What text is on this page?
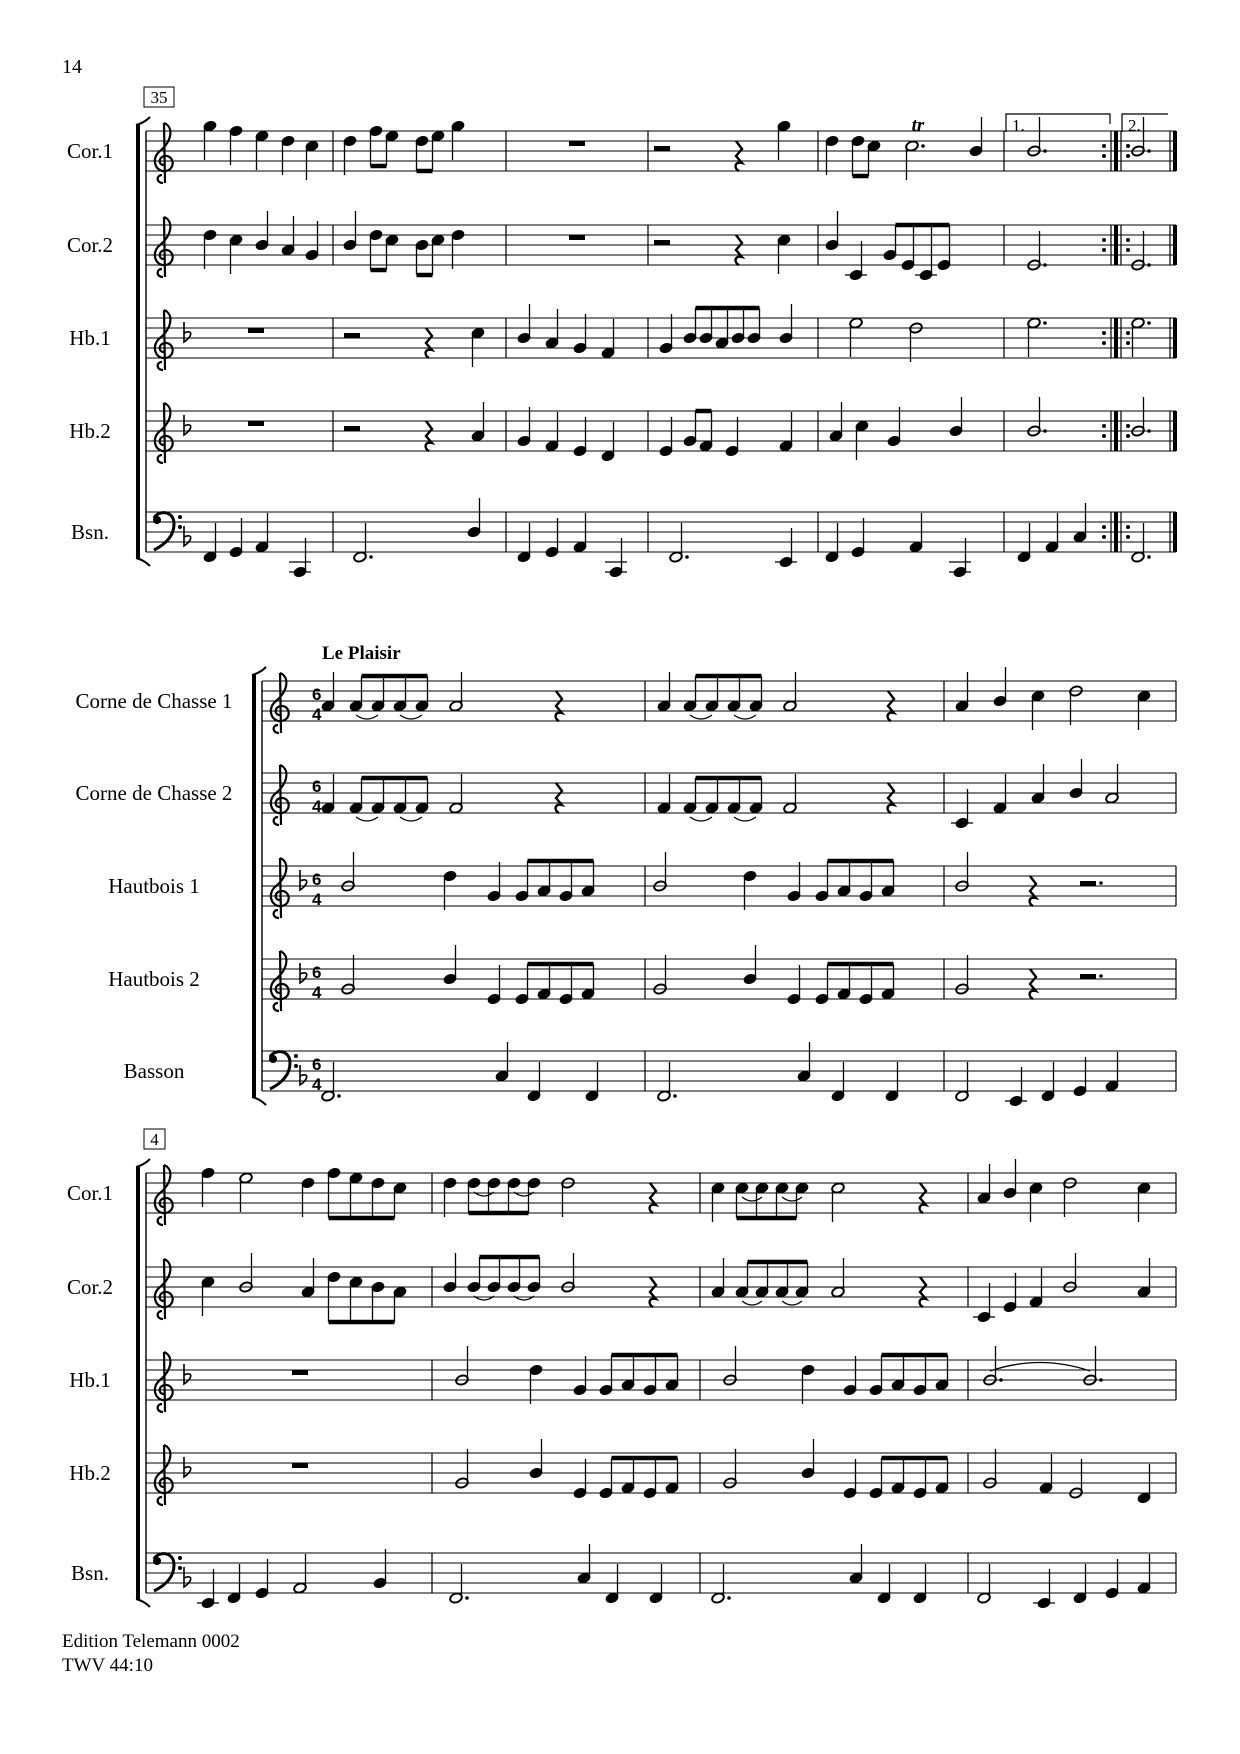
14
Cor.1
Cor.2
Hb.1
Hb.2
Bsn.
35
1.	2.
tr
6
4
Corne de Chasse 1
6
4
Corne de Chasse 2
6
4
Hautbois 1
6
4
Hautbois 2
6
4
Basson
Le Plaisir
Cor.1
Cor.2
Hb.1
Hb.2
Bsn.
4
Edition Telemann 0002
TWV 44:10
